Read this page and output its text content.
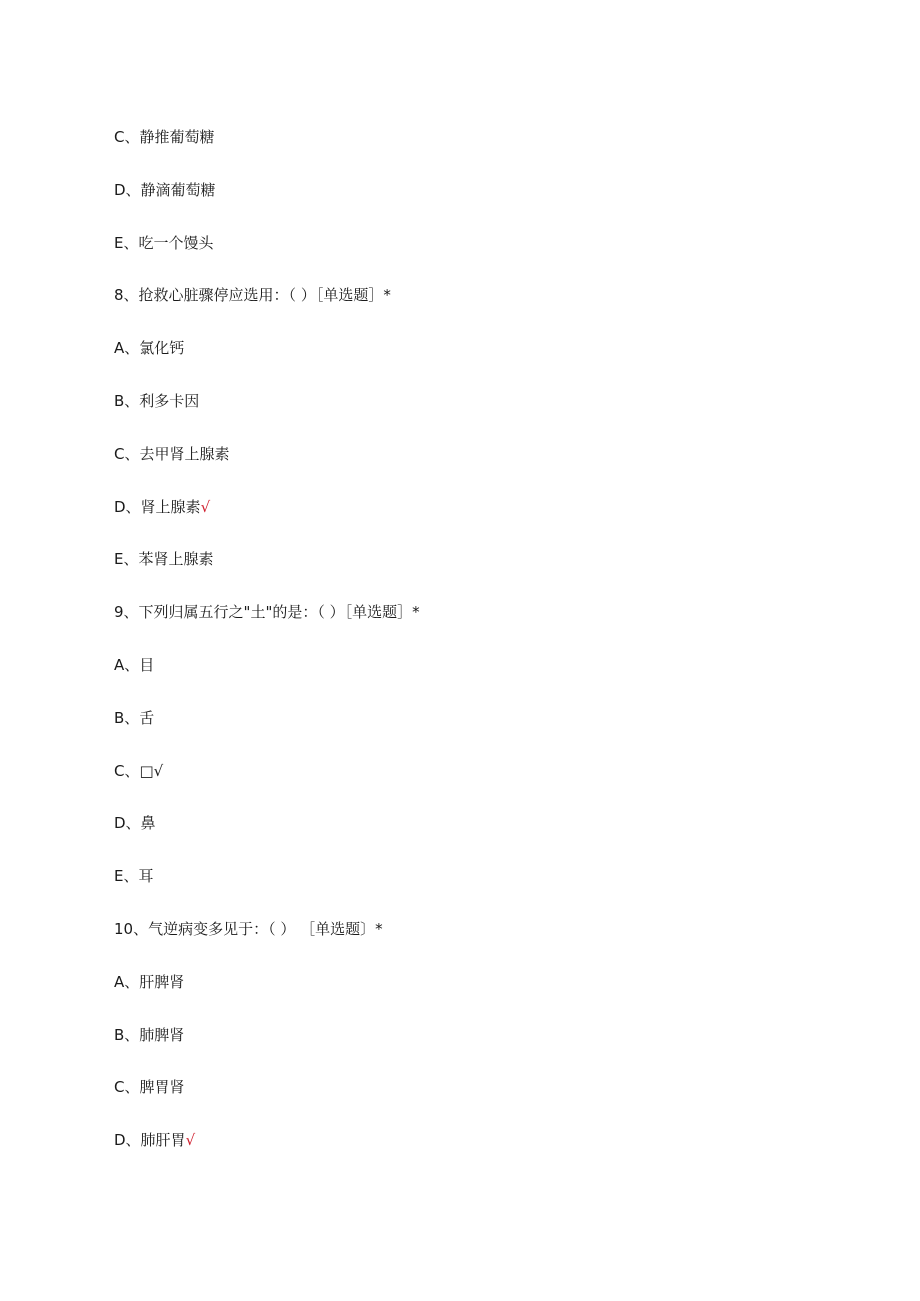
C、静推葡萄糖
D、静滴葡萄糖
E、吃一个馒头
8、抢救心脏骤停应选用：（ ）［单选题］*
A、氯化钙
B、利多卡因
C、去甲肾上腺素
D、肾上腺素√
E、苯肾上腺素
9、下列归属五行之"土"的是：（ ）［单选题］*
A、目
B、舌
C、□√
D、鼻
E、耳
10、气逆病变多见于：（ ） ［单选题〕*
A、肝脾肾
B、肺脾肾
C、脾胃肾
D、肺肝胃√
